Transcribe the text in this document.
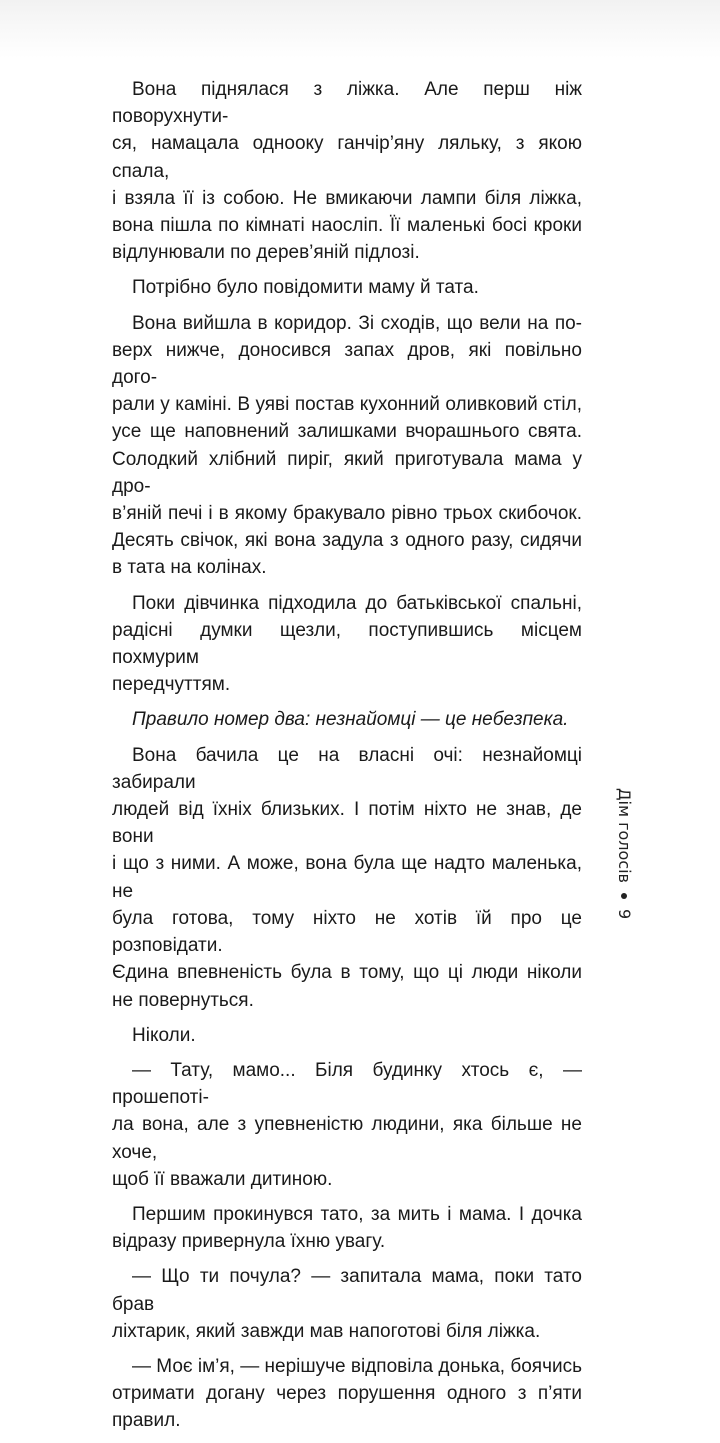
Вона піднялася з ліжка. Але перш ніж поворухнути-
ся, намацала однооку ганчір’яну ляльку, з якою спала,
і взяла її із собою. Не вмикаючи лампи біля ліжка,
вона пішла по кімнаті наосліп. Її маленькі босі кроки
відлунювали по дерев’яній підлозі.
Потрібно було повідомити маму й тата.
Вона вийшла в коридор. Зі сходів, що вели на по-
верх нижче, доносився запах дров, які повільно дого-
рали у каміні. В уяві постав кухонний оливковий стіл,
усе ще наповнений залишками вчорашнього свята.
Солодкий хлібний пиріг, який приготувала мама у дро-
в’яній печі і в якому бракувало рівно трьох скибочок.
Десять свічок, які вона задула з одного разу, сидячи
в тата на колінах.
Поки дівчинка підходила до батьківської спальні,
радісні думки щезли, поступившись місцем похмурим
передчуттям.
Правило номер два: незнайомці — це небезпека.
Вона бачила це на власні очі: незнайомці забирали
людей від їхніх близьких. І потім ніхто не знав, де вони
і що з ними. А може, вона була ще надто маленька, не
була готова, тому ніхто не хотів їй про це розповідати.
Єдина впевненість була в тому, що ці люди ніколи
не повернуться.
Ніколи.
— Тату, мамо... Біля будинку хтось є, — прошепоті-
ла вона, але з упевненістю людини, яка більше не хоче,
щоб її вважали дитиною.
Першим прокинувся тато, за мить і мама. І дочка
відразу привернула їхню увагу.
— Що ти почула? — запитала мама, поки тато брав
ліхтарик, який завжди мав напоготові біля ліжка.
— Моє ім’я, — нерішуче відповіла донька, боячись
отримати догану через порушення одного з п’яти правил.
Дім голосів
9
